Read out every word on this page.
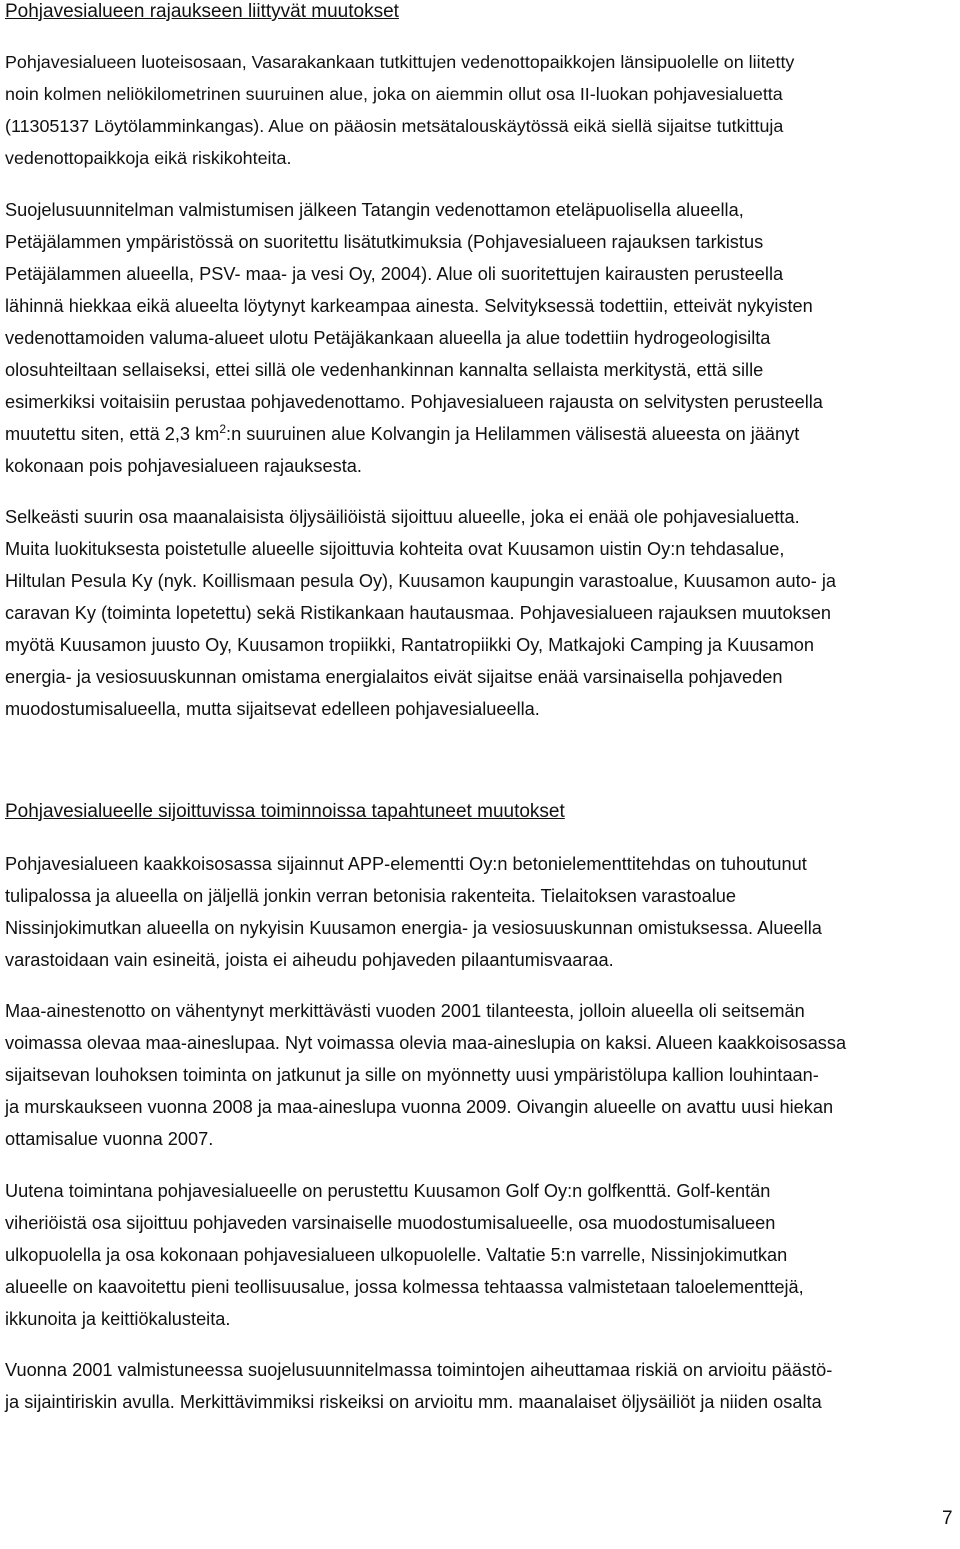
Pohjavesialueen rajaukseen liittyvät muutokset

Pohjavesialueen luoteisosaan, Vasarakankaan tutkittujen vedenottopaikkojen länsipuolelle on liitetty
noin kolmen neliökilometrinen suuruinen alue, joka on aiemmin ollut osa II-luokan pohjavesialuetta
(11305137 Löytölamminkangas). Alue on pääosin metsätalouskäytössä eikä siellä sijaitse tutkittuja
vedenottopaikkoja eikä riskikohteita.

Suojelusuunnitelman valmistumisen jälkeen Tatangin vedenottamon eteläpuolisella alueella,
Petäjälammen ympäristössä on suoritettu lisätutkimuksia (Pohjavesialueen rajauksen tarkistus
Petäjälammen alueella, PSV- maa- ja vesi Oy, 2004). Alue oli suoritettujen kairausten perusteella
lähinnä hiekkaa eikä alueelta löytynyt karkeampaa ainesta. Selvityksessä todettiin, etteivät nykyisten
vedenottamoiden valuma-alueet ulotu Petäjäkankaan alueella ja alue todettiin hydrogeologisilta
olosuhteiltaan sellaiseksi, ettei sillä ole vedenhankinnan kannalta sellaista merkitystä, että sille
esimerkiksi voitaisiin perustaa pohjavedenottamo. Pohjavesialueen rajausta on selvitysten perusteella
muutettu siten, että 2,3 $km^2:n$ suuruinen alue Kolvangin ja Helilammen välisestä alueesta on jäänyt
kokonaan pois pohjavesialueen rajauksesta.

Selkeästi suurin osa maanalaisista öljysäiliöistä sijoittuu alueelle, joka ei enää ole pohjavesialuetta.
Muita luokituksesta poistetulle alueelle sijoittuvia kohteita ovat Kuusamon uistin Oy:n tehdasalue,
Hiltulan Pesula Ky (nyk. Koillismaan pesula Oy), Kuusamon kaupungin varastoalue, Kuusamon auto- ja
caravan Ky (toiminta lopetettu) sekä Ristikankaan hautausmaa. Pohjavesialueen rajauksen muutoksen
myötä Kuusamon juusto Oy, Kuusamon tropiikki, Rantatropiikki Oy, Matkajoki Camping ja Kuusamon
energia- ja vesiosuuskunnan omistama energialaitos eivät sijaitse enää varsinaisella pohjaveden
muodostumisalueella, mutta sijaitsevat edelleen pohjavesialueella.

Pohjavesialueelle sijoittuvissa toiminnoissa tapahtuneet muutokset

Pohjavesialueen kaakkoisosassa sijainnut APP-elementti Oy:n betonielementtitehdas on tuhoutunut
tulipalossa ja alueella on jäljellä jonkin verran betonisia rakenteita. Tielaitoksen varastoalue
Nissinjokimutkan alueella on nykyisin Kuusamon energia- ja vesiosuuskunnan omistuksessa. Alueella
varastoidaan vain esineitä, joista ei aiheudu pohjaveden pilaantumisvaaraa.

Maa-ainestenotto on vähentynyt merkittävästi vuoden 2001 tilanteesta, jolloin alueella oli seitsemän
voimassa olevaa maa-aineslupaa. Nyt voimassa olevia maa-aineslupia on kaksi. Alueen kaakkoisosassa
sijaitsevan louhoksen toiminta on jatkunut ja sille on myönnetty uusi ympäristölupa kallion louhintaan-
ja murskaukseen vuonna 2008 ja maa-aineslupa vuonna 2009. Oivangin alueelle on avattu uusi hiekan
ottamisalue vuonna 2007.

Uutena toimintana pohjavesialueelle on perustettu Kuusamon Golf Oy:n golfkenttä. Golf-kentän
viheriöistä osa sijoittuu pohjaveden varsinaiselle muodostumisalueelle, osa muodostumisalueen
ulkopuolella ja osa kokonaan pohjavesialueen ulkopuolelle. Valtatie 5:n varrelle, Nissinjokimutkan
alueelle on kaavoitettu pieni teollisuusalue, jossa kolmessa tehtaassa valmistetaan taloelementtejä,
ikkunoita ja keittiökalusteita.

Vuonna 2001 valmistuneessa suojelusuunnitelmassa toimintojen aiheuttamaa riskiä on arvioitu päästö-
ja sijaintiriskin avulla. Merkittävimmiksi riskeiksi on arvioitu mm. maanalaiset öljysäiliöt ja niiden osalta

7
